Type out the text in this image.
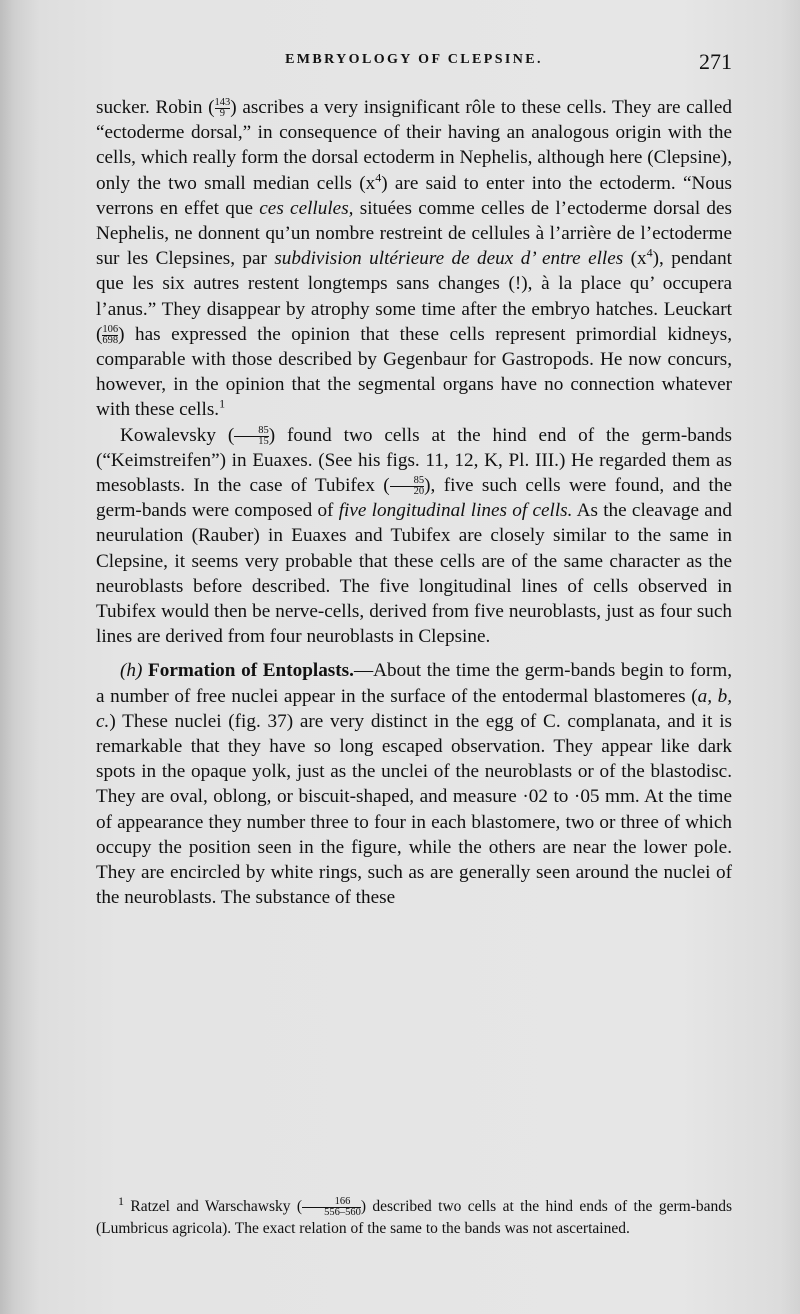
EMBRYOLOGY OF CLEPSINE.	271

sucker. Robin ( $\frac{143}{9}$ ) ascribes a very insignificant rôle to these cells. They are called “ectoderme dorsal,” in consequence of their having an analogous origin with the cells, which really form the dorsal ectoderm in Nephelis, although here (Clepsine), only the two small median cells $(x^4)$ are said to enter into the ectoderm. “Nous verrons en effet que ces cellules, situées comme celles de l’ectoderme dorsal des Nephelis, ne donnent qu’un nombre restreint de cellules à l’arrière de l’ectoderme sur les Clepsines, par subdivision ultérieure de deux d’ entre elles $(x^4)$, pendant que les six autres restent longtemps sans changes (!), à la place qu’ occupera l’anus.” They disappear by atrophy some time after the embryo hatches. Leuckart ( $\frac{106}{698}$ ) has expressed the opinion that these cells represent primordial kidneys, comparable with those described by Gegenbaur for Gastropods. He now concurs, however, in the opinion that the segmental organs have no connection whatever with these cells.$^1$

Kowalevsky ( $\frac{85}{15}$ ) found two cells at the hind end of the germ-bands (“Keimstreifen”) in Euaxes. (See his figs. 11, 12, K, Pl. III.) He regarded them as mesoblasts. In the case of Tubifex ( $\frac{85}{20}$ ), five such cells were found, and the germ-bands were composed of five longitudinal lines of cells. As the cleavage and neurulation (Rauber) in Euaxes and Tubifex are closely similar to the same in Clepsine, it seems very probable that these cells are of the same character as the neuroblasts before described. The five longitudinal lines of cells observed in Tubifex would then be nerve-cells, derived from five neuroblasts, just as four such lines are derived from four neuroblasts in Clepsine.

(h) Formation of Entoplasts.—About the time the germ-bands begin to form, a number of free nuclei appear in the surface of the entodermal blastomeres (a, b, c.) These nuclei (fig. 37) are very distinct in the egg of C. complanata, and it is remarkable that they have so long escaped observation. They appear like dark spots in the opaque yolk, just as the unclei of the neuroblasts or of the blastodisc. They are oval, oblong, or biscuit-shaped, and measure ·02 to ·05 mm. At the time of appearance they number three to four in each blastomere, two or three of which occupy the position seen in the figure, while the others are near the lower pole. They are encircled by white rings, such as are generally seen around the nuclei of the neuroblasts. The substance of these

$^1$ Ratzel and Warschawsky ( $\frac{166}{556-560}$ ) described two cells at the hind ends of the germ-bands (Lumbricus agricola). The exact relation of the same to the bands was not ascertained.
